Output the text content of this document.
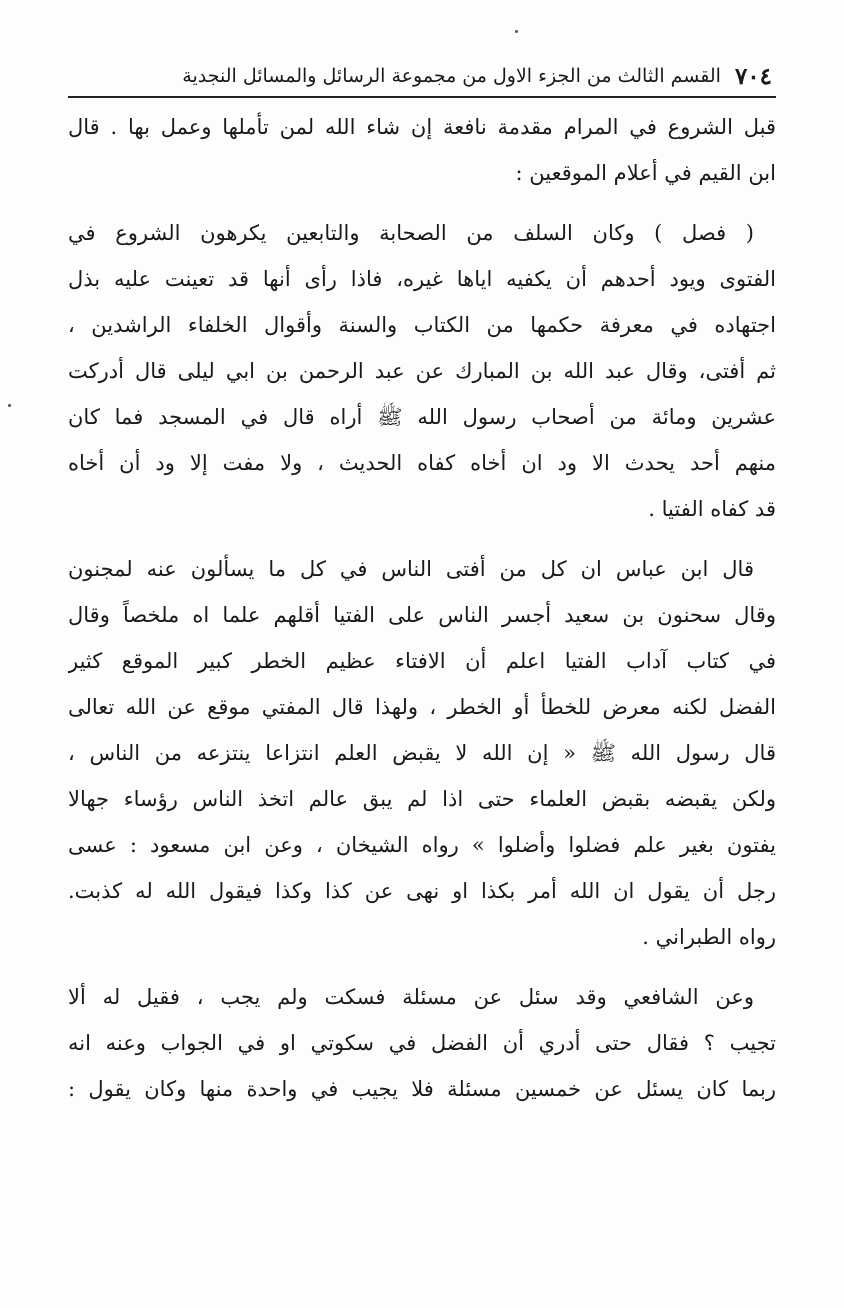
٧٠٤
القسم الثالث من الجزء الاول من مجموعة الرسائل والمسائل النجدية
قبل الشروع في المرام مقدمة نافعة إن شاء الله لمن تأملها وعمل بها . قال
ابن القيم في أعلام الموقعين :
( فصل ) وكان السلف من الصحابة والتابعين يكرهون الشروع في
الفتوى ويود أحدهم أن يكفيه اياها غيره، فاذا رأى أنها قد تعينت عليه بذل
اجتهاده في معرفة حكمها من الكتاب والسنة وأقوال الخلفاء الراشدين ،
ثم أفتى، وقال عبد الله بن المبارك عن عبد الرحمن بن ابي ليلى قال أدركت
عشرين ومائة من أصحاب رسول الله ﷺ أراه قال في المسجد فما كان
منهم أحد يحدث الا ود ان أخاه كفاه الحديث ، ولا مفت إلا ود أن أخاه
قد كفاه الفتيا .
قال ابن عباس ان كل من أفتى الناس في كل ما يسألون عنه لمجنون
وقال سحنون بن سعيد أجسر الناس على الفتيا أقلهم علما اه ملخصاً وقال
في كتاب آداب الفتيا اعلم أن الافتاء عظيم الخطر كبير الموقع كثير
الفضل لكنه معرض للخطأ أو الخطر ، ولهذا قال المفتي موقع عن الله تعالى
قال رسول الله ﷺ « إن الله لا يقبض العلم انتزاعا ينتزعه من الناس ،
ولكن يقبضه بقبض العلماء حتى اذا لم يبق عالم اتخذ الناس رؤساء جهالا
يفتون بغير علم فضلوا وأضلوا » رواه الشيخان ، وعن ابن مسعود : عسى
رجل أن يقول ان الله أمر بكذا او نهى عن كذا وكذا فيقول الله له كذبت.
رواه الطبراني .
وعن الشافعي وقد سئل عن مسئلة فسكت ولم يجب ، فقيل له ألا
تجيب ؟ فقال حتى أدري أن الفضل في سكوتي او في الجواب وعنه انه
ربما كان يسئل عن خمسين مسئلة فلا يجيب في واحدة منها وكان يقول :
